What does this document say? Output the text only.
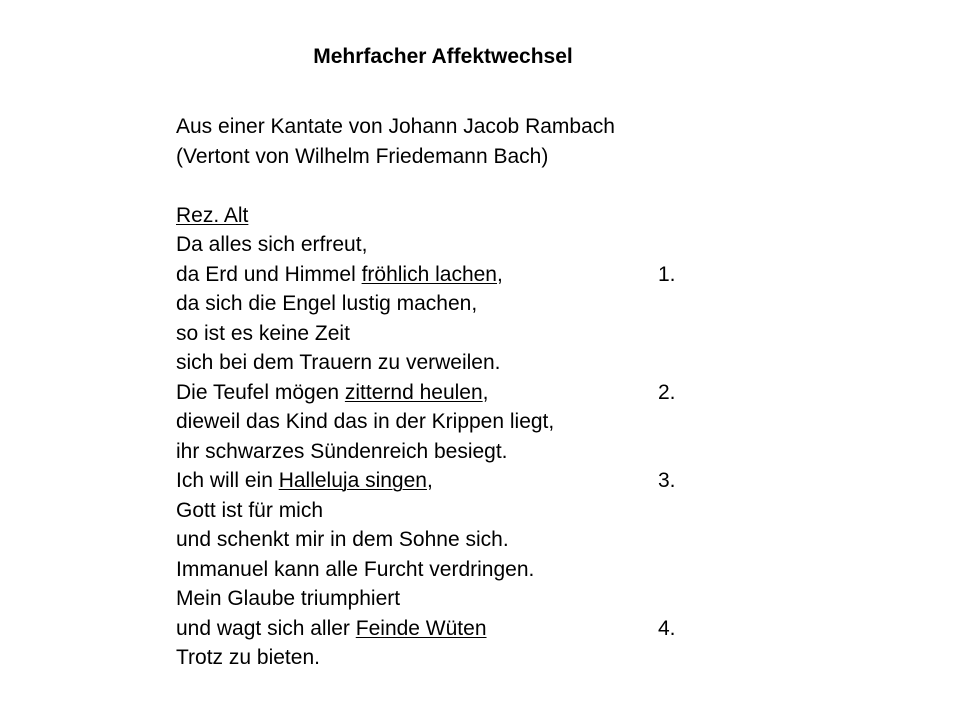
Mehrfacher Affektwechsel
Aus einer Kantate von Johann Jacob Rambach
(Vertont von Wilhelm Friedemann Bach)
Rez. Alt
Da alles sich erfreut,
da Erd und Himmel fröhlich lachen,	1.
da sich die Engel lustig machen,
so ist es keine Zeit
sich bei dem Trauern zu verweilen.
Die Teufel mögen zitternd heulen,	2.
dieweil das Kind das in der Krippen liegt,
ihr schwarzes Sündenreich besiegt.
Ich will ein Halleluja singen,	3.
Gott ist für mich
und schenkt mir in dem Sohne sich.
Immanuel kann alle Furcht verdringen.
Mein Glaube triumphiert
und wagt sich aller Feinde Wüten	4.
Trotz zu bieten.
